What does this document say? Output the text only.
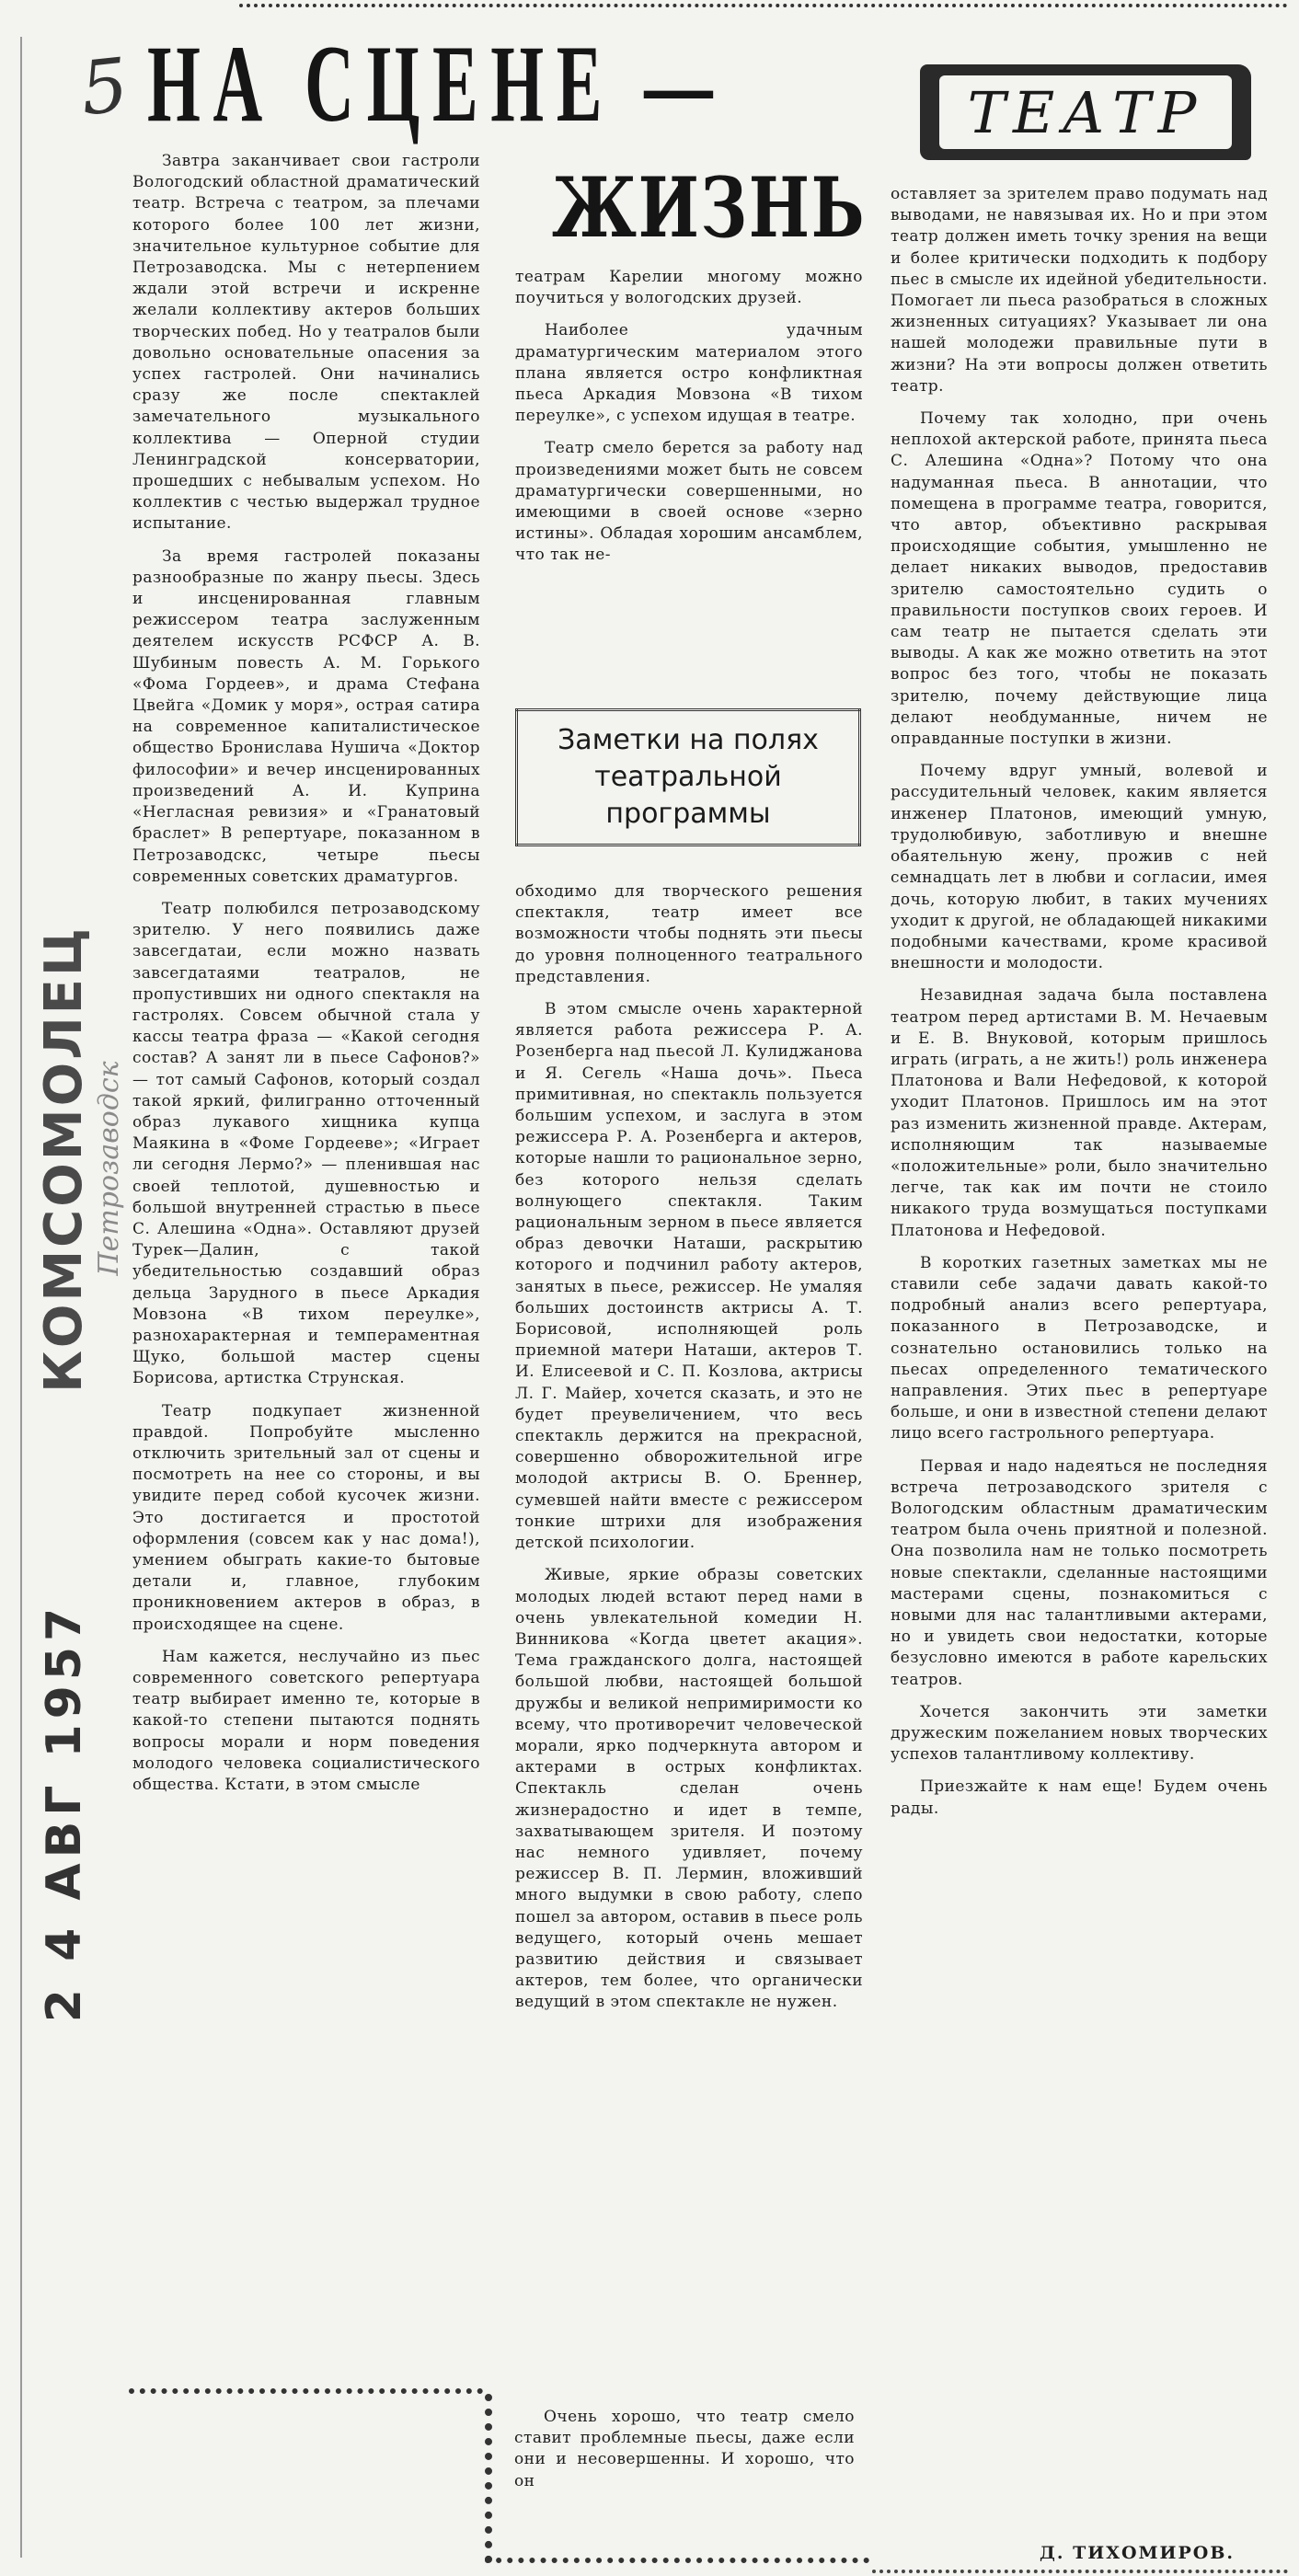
5 НА СЦЕНЕ —
ЖИЗНЬ
ТЕАТР
КОМСОМОЛЕЦ Петрозаводск
2 4 АВГ 1957

Завтра заканчивает свои гастроли Вологодский областной драматический театр. Встреча с театром, за плечами которого более 100 лет жизни, значительное культурное событие для Петрозаводска. Мы с нетерпением ждали этой встречи и искренне желали коллективу актеров больших творческих побед. Но у театралов были довольно основательные опасения за успех гастролей. Они начинались сразу же после спектаклей замечательного музыкального коллектива — Оперной студии Ленинградской консерватории, прошедших с небывалым успехом. Но коллектив с честью выдержал трудное испытание.

За время гастролей показаны разнообразные по жанру пьесы. Здесь и инсценированная главным режиссером театра заслуженным деятелем искусств РСФСР А. В. Шубиным повесть А. М. Горького «Фома Гордеев», и драма Стефана Цвейга «Домик у моря», острая сатира на современное капиталистическое общество Бронислава Нушича «Доктор философии» и вечер инсценированных произведений А. И. Куприна «Негласная ревизия» и «Гранатовый браслет» В репертуаре, показанном в Петрозаводскс, четыре пьесы современных советских драматургов.

Театр полюбился петрозаводскому зрителю. У него появились даже завсегдатаи, если можно назвать завсегдатаями театралов, не пропустивших ни одного спектакля на гастролях. Совсем обычной стала у кассы театра фраза — «Какой сегодня состав? А занят ли в пьесе Сафонов?» — тот самый Сафонов, который создал такой яркий, филигранно отточенный образ лукавого хищника купца Маякина в «Фоме Гордееве»; «Играет ли сегодня Лермо?» — пленившая нас своей теплотой, душевностью и большой внутренней страстью в пьесе С. Алешина «Одна». Оставляют друзей Турек—Далин, с такой убедительностью создавший образ дельца Зарудного в пьесе Аркадия Мовзона «В тихом переулке», разнохарактерная и темпераментная Щуко, большой мастер сцены Борисова, артистка Струнская.

Театр подкупает жизненной правдой. Попробуйте мысленно отключить зрительный зал от сцены и посмотреть на нее со стороны, и вы увидите перед собой кусочек жизни. Это достигается и простотой оформления (совсем как у нас дома!), умением обыграть какие-то бытовые детали и, главное, глубоким проникновением актеров в образ, в происходящее на сцене.

Нам кажется, неслучайно из пьес современного советского репертуара театр выбирает именно те, которые в какой-то степени пытаются поднять вопросы морали и норм поведения молодого человека социалистического общества. Кстати, в этом смысле

театрам Карелии многому можно поучиться у вологодских друзей.

Наиболее удачным драматургическим материалом этого плана является остро конфликтная пьеса Аркадия Мовзона «В тихом переулке», с успехом идущая в театре.

Театр смело берется за работу над произведениями может быть не совсем драматургически совершенными, но имеющими в своей основе «зерно истины». Обладая хорошим ансамблем, что так не-

Заметки на полях
театральной
программы

обходимо для творческого решения спектакля, театр имеет все возможности чтобы поднять эти пьесы до уровня полноценного театрального представления.

В этом смысле очень характерной является работа режиссера Р. А. Розенберга над пьесой Л. Кулиджанова и Я. Сегель «Наша дочь». Пьеса примитивная, но спектакль пользуется большим успехом, и заслуга в этом режиссера Р. А. Розенберга и актеров, которые нашли то рациональное зерно, без которого нельзя сделать волнующего спектакля. Таким рациональным зерном в пьесе является образ девочки Наташи, раскрытию которого и подчинил работу актеров, занятых в пьесе, режиссер. Не умаляя больших достоинств актрисы А. Т. Борисовой, исполняющей роль приемной матери Наташи, актеров Т. И. Елисеевой и С. П. Козлова, актрисы Л. Г. Майер, хочется сказать, и это не будет преувеличением, что весь спектакль держится на прекрасной, совершенно обворожительной игре молодой актрисы В. О. Бреннер, сумевшей найти вместе с режиссером тонкие штрихи для изображения детской психологии.

Живые, яркие образы советских молодых людей встают перед нами в очень увлекательной комедии Н. Винникова «Когда цветет акация». Тема гражданского долга, настоящей большой любви, настоящей большой дружбы и великой непримиримости ко всему, что противоречит человеческой морали, ярко подчеркнута автором и актерами в острых конфликтах. Спектакль сделан очень жизнерадостно и идет в темпе, захватывающем зрителя. И поэтому нас немного удивляет, почему режиссер В. П. Лермин, вложивший много выдумки в свою работу, слепо пошел за автором, оставив в пьесе роль ведущего, который очень мешает развитию действия и связывает актеров, тем более, что органически ведущий в этом спектакле не нужен.

Очень хорошо, что театр смело ставит проблемные пьесы, даже если они и несовершенны. И хорошо, что он

оставляет за зрителем право подумать над выводами, не навязывая их. Но и при этом театр должен иметь точку зрения на вещи и более критически подходить к подбору пьес в смысле их идейной убедительности. Помогает ли пьеса разобраться в сложных жизненных ситуациях? Указывает ли она нашей молодежи правильные пути в жизни? На эти вопросы должен ответить театр.

Почему так холодно, при очень неплохой актерской работе, принята пьеса С. Алешина «Одна»? Потому что она надуманная пьеса. В аннотации, что помещена в программе театра, говорится, что автор, объективно раскрывая происходящие события, умышленно не делает никаких выводов, предоставив зрителю самостоятельно судить о правильности поступков своих героев. И сам театр не пытается сделать эти выводы. А как же можно ответить на этот вопрос без того, чтобы не показать зрителю, почему действующие лица делают необдуманные, ничем не оправданные поступки в жизни.

Почему вдруг умный, волевой и рассудительный человек, каким является инженер Платонов, имеющий умную, трудолюбивую, заботливую и внешне обаятельную жену, прожив с ней семнадцать лет в любви и согласии, имея дочь, которую любит, в таких мучениях уходит к другой, не обладающей никакими подобными качествами, кроме красивой внешности и молодости.

Незавидная задача была поставлена театром перед артистами В. М. Нечаевым и Е. В. Внуковой, которым пришлось играть (играть, а не жить!) роль инженера Платонова и Вали Нефедовой, к которой уходит Платонов. Пришлось им на этот раз изменить жизненной правде. Актерам, исполняющим так называемые «положительные» роли, было значительно легче, так как им почти не стоило никакого труда возмущаться поступками Платонова и Нефедовой.

В коротких газетных заметках мы не ставили себе задачи давать какой-то подробный анализ всего репертуара, показанного в Петрозаводске, и сознательно остановились только на пьесах определенного тематического направления. Этих пьес в репертуаре больше, и они в известной степени делают лицо всего гастрольного репертуара.

Первая и надо надеяться не последняя встреча петрозаводского зрителя с Вологодским областным драматическим театром была очень приятной и полезной. Она позволила нам не только посмотреть новые спектакли, сделанные настоящими мастерами сцены, познакомиться с новыми для нас талантливыми актерами, но и увидеть свои недостатки, которые безусловно имеются в работе карельских театров.

Хочется закончить эти заметки дружеским пожеланием новых творческих успехов талантливому коллективу.

Приезжайте к нам еще! Будем очень рады.

Д. ТИХОМИРОВ.
